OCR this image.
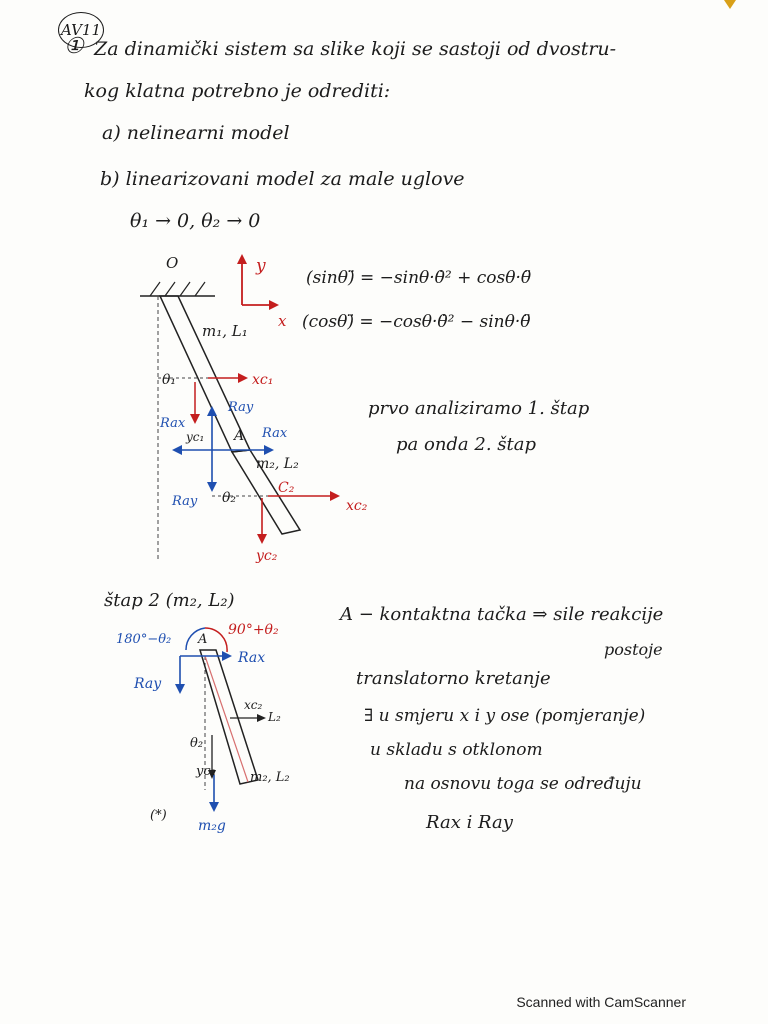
AV11
① Za dinamički sistem sa slike koji se sastoji od dvostru-
kog klatna potrebno je odrediti:
a) nelinearni model
b) linearizovani model za male uglove
θ₁ → 0, θ₂ → 0
(sinθ)̈ = −sinθ·θ̇² + cosθ·θ̈
(cosθ)̈ = −cosθ·θ̇² − sinθ·θ̈
O	y
x
m₁, L₁
θ₁	xc₁
Rax
Ray
A Rax
yc₁
m₂, L₂
Ray θ₂
C₂
xc₂
yc₂
prvo analiziramo 1. štap
pa onda 2. štap
štap 2 (m₂, L₂)
180°−θ₂
90°+θ₂
A
Rax
Ray
xc₂
L₂
θ₂
yc₂	m₂, L₂
(*)
m₂g
A − kontaktna tačka ⇒ sile reakcije
postoje
translatorno kretanje
∃ u smjeru x i y ose (pomjeranje)
u skladu s otklonom
na osnovu toga se određuju
Rax i Ray
Scanned with CamScanner
